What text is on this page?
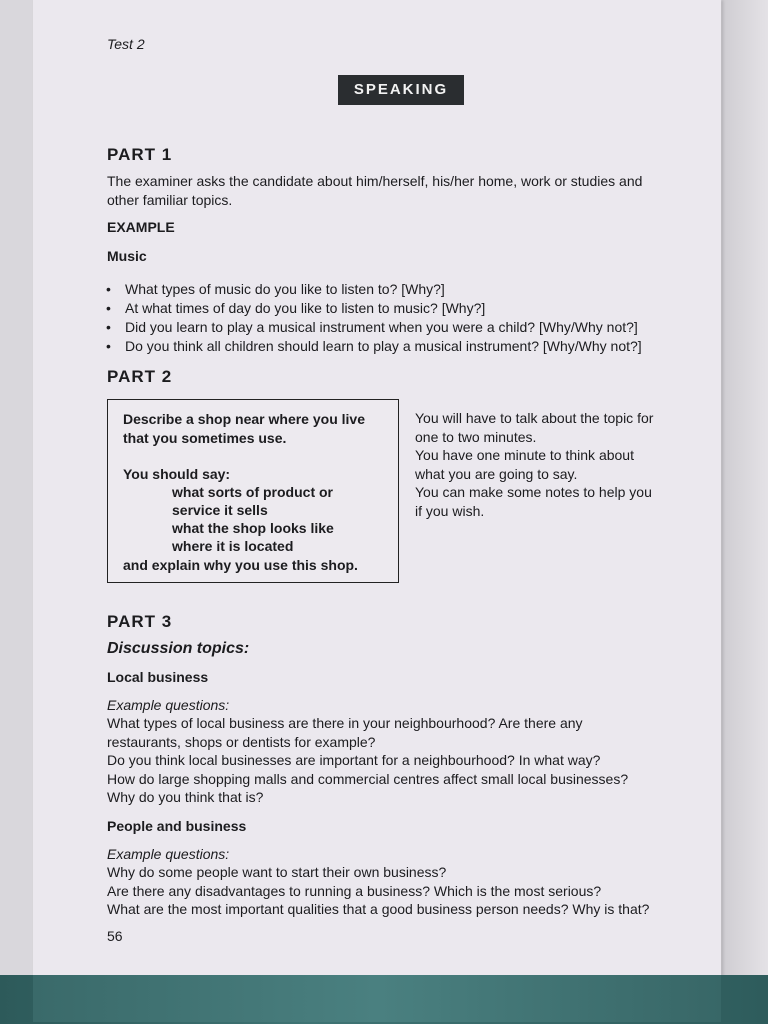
Test 2
SPEAKING
PART 1
The examiner asks the candidate about him/herself, his/her home, work or studies and
other familiar topics.
EXAMPLE
Music
• What types of music do you like to listen to? [Why?]
• At what times of day do you like to listen to music? [Why?]
• Did you learn to play a musical instrument when you were a child? [Why/Why not?]
• Do you think all children should learn to play a musical instrument? [Why/Why not?]
PART 2
Describe a shop near where you live
that you sometimes use.
You should say:
what sorts of product or
service it sells
what the shop looks like
where it is located
and explain why you use this shop.
You will have to talk about the topic for
one to two minutes.
You have one minute to think about
what you are going to say.
You can make some notes to help you
if you wish.
PART 3
Discussion topics:
Local business
Example questions:
What types of local business are there in your neighbourhood? Are there any
restaurants, shops or dentists for example?
Do you think local businesses are important for a neighbourhood? In what way?
How do large shopping malls and commercial centres affect small local businesses?
Why do you think that is?
People and business
Example questions:
Why do some people want to start their own business?
Are there any disadvantages to running a business? Which is the most serious?
What are the most important qualities that a good business person needs? Why is that?
56
